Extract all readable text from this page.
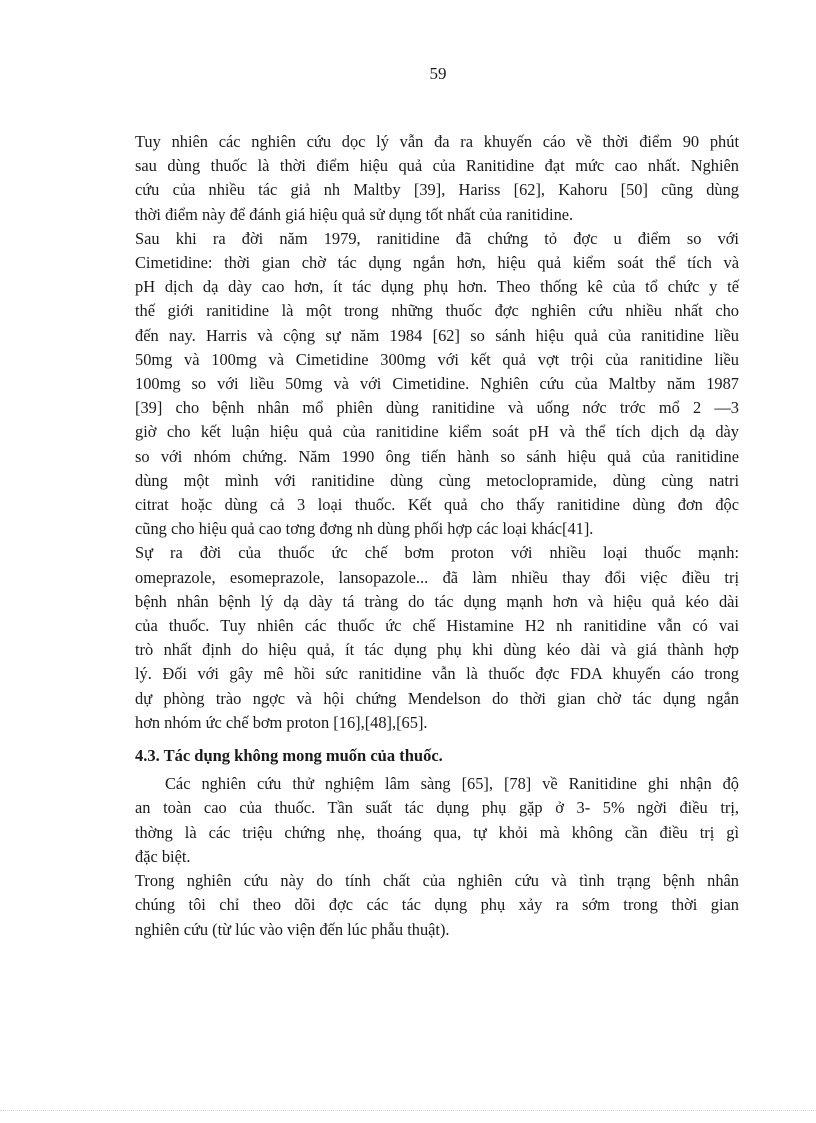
59
Tuy nhiên các nghiên cứu dọc lý vẫn đa ra khuyến cáo về thời điểm 90 phút
sau dùng thuốc là thời điểm hiệu quả của Ranitidine đạt mức cao nhất. Nghiên
cứu của nhiều tác giả nh Maltby [39], Hariss [62], Kahoru [50] cũng dùng
thời điểm này để đánh giá hiệu quả sử dụng tốt nhất của ranitidine.
Sau khi ra đời năm 1979, ranitidine đã chứng tỏ đợc u điểm so với
Cimetidine: thời gian chờ tác dụng ngắn hơn, hiệu quả kiểm soát thể tích và
pH dịch dạ dày cao hơn, ít tác dụng phụ hơn. Theo thống kê của tổ chức y tế
thế giới ranitidine là một trong những thuốc đợc nghiên cứu nhiều nhất cho
đến nay. Harris và cộng sự năm 1984 [62] so sánh hiệu quả của ranitidine liều
50mg và 100mg và Cimetidine 300mg với kết quả vợt trội của ranitidine liều
100mg so với liều 50mg và với Cimetidine. Nghiên cứu của Maltby năm 1987
[39] cho bệnh nhân mổ phiên dùng ranitidine và uống nớc trớc mổ 2 —3
giờ cho kết luận hiệu quả của ranitidine kiểm soát pH và thể tích dịch dạ dày
so với nhóm chứng. Năm 1990 ông tiến hành so sánh hiệu quả của ranitidine
dùng một mình với ranitidine dùng cùng metoclopramide, dùng cùng natri
citrat hoặc dùng cả 3 loại thuốc. Kết quả cho thấy ranitidine dùng đơn độc
cũng cho hiệu quả cao tơng đơng nh dùng phối hợp các loại khác[41].
Sự ra đời của thuốc ức chế bơm proton với nhiều loại thuốc mạnh:
omeprazole, esomeprazole, lansopazole... đã làm nhiều thay đổi việc điều trị
bệnh nhân bệnh lý dạ dày tá tràng do tác dụng mạnh hơn và hiệu quả kéo dài
của thuốc. Tuy nhiên các thuốc ức chế Histamine H2 nh ranitidine vẫn có vai
trò nhất định do hiệu quả, ít tác dụng phụ khi dùng kéo dài và giá thành hợp
lý. Đối với gây mê hồi sức ranitidine vẫn là thuốc đợc FDA khuyến cáo trong
dự phòng trào ngợc và hội chứng Mendelson do thời gian chờ tác dụng ngắn
hơn nhóm ức chế bơm proton [16],[48],[65].
4.3. Tác dụng không mong muốn của thuốc.
Các nghiên cứu thử nghiệm lâm sàng [65], [78] về Ranitidine ghi nhận độ
an toàn cao của thuốc. Tần suất tác dụng phụ gặp ở 3- 5% ngời điều trị,
thờng là các triệu chứng nhẹ, thoáng qua, tự khỏi mà không cần điều trị gì
đặc biệt.
Trong nghiên cứu này do tính chất của nghiên cứu và tình trạng bệnh nhân
chúng tôi chỉ theo dõi đợc các tác dụng phụ xảy ra sớm trong thời gian
nghiên cứu (từ lúc vào viện đến lúc phẫu thuật).
